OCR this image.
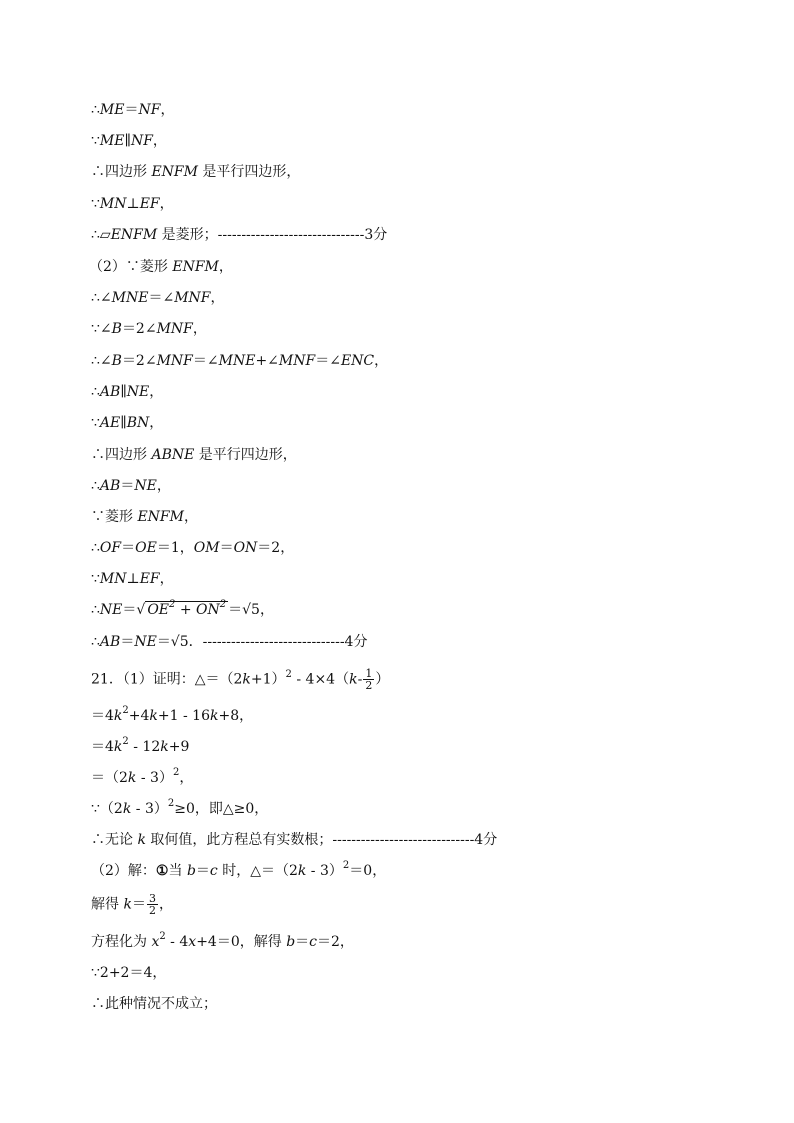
∴ME＝NF，
∵ME∥NF，
∴四边形 ENFM 是平行四边形，
∵MN⊥EF，
∴▱ENFM 是菱形；-------------------------------3分
（2）∵菱形 ENFM，
∴∠MNE＝∠MNF，
∵∠B＝2∠MNF，
∴∠B＝2∠MNF＝∠MNE+∠MNF＝∠ENC，
∴AB∥NE，
∵AE∥BN，
∴四边形 ABNE 是平行四边形，
∴AB＝NE，
∵菱形 ENFM，
∴OF＝OE＝1，OM＝ON＝2，
∵MN⊥EF，
∴NE＝√ $OE^2 + ON^2 =√5$，
∴AB＝NE＝√5．------------------------------4分
21．（1）证明：$\triangle=(2k+1)^2 - 4\times 4(k- \frac{1}{2}$ ）
$=4k^2+4k+1 - 16k+8$，
$=4k^2 - 12k+9$
＝（2k - 3）$^2$，
∵（2k - 3）$^2$≥0，即△≥0，
∴无论 k 取何值，此方程总有实数根；------------------------------4分
（2）解：①当 b＝c 时，△＝（2k - 3）$^2$＝0，
解得 $k= \frac{3}{2}$ ，
方程化为 $x^2 - 4x+4=0$，解得 b＝c＝2，
∵2+2＝4，
∴此种情况不成立；
